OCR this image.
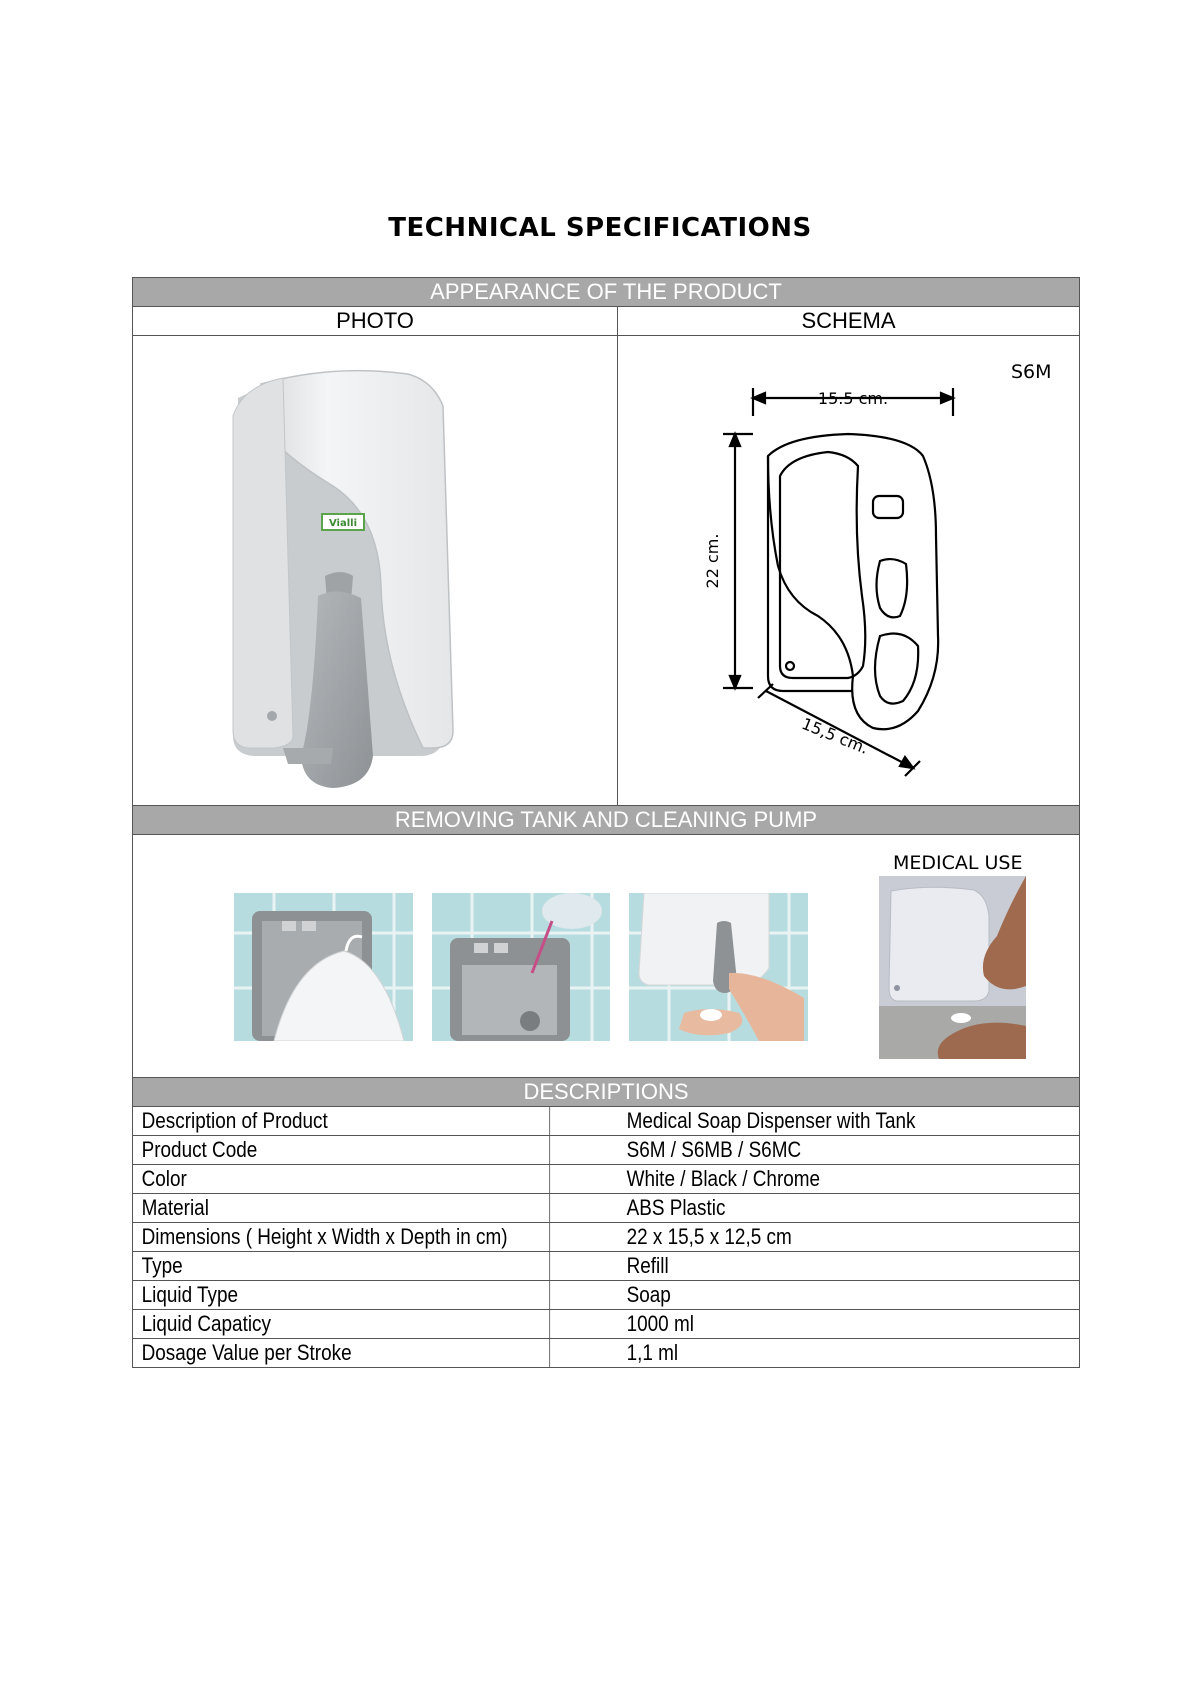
TECHNICAL SPECIFICATIONS
APPEARANCE OF THE PRODUCT
PHOTO	SCHEMA
Vialli
S6M
15.5 cm.
22 cm.
15,5 cm.
REMOVING TANK AND CLEANING PUMP
MEDICAL USE
DESCRIPTIONS
Description of Product	Medical Soap Dispenser with Tank
Product Code	S6M / S6MB / S6MC
Color	White / Black / Chrome
Material	ABS Plastic
Dimensions ( Height x Width x Depth in cm)	22 x 15,5 x 12,5 cm
Type	Refill
Liquid Type	Soap
Liquid Capaticy	1000 ml
Dosage Value per Stroke	1,1 ml
